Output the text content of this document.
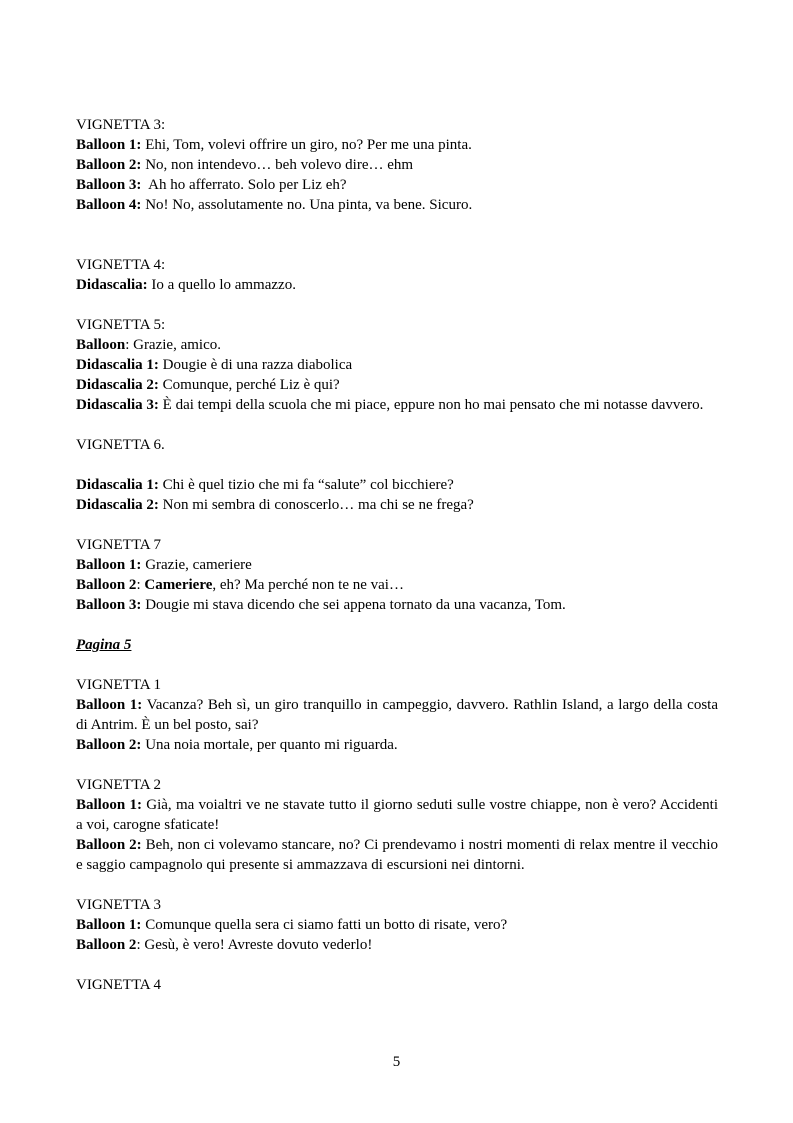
VIGNETTA 3:

Balloon 1: Ehi, Tom, volevi offrire un giro, no? Per me una pinta.

Balloon 2: No, non intendevo… beh volevo dire… ehm

Balloon 3:  Ah ho afferrato. Solo per Liz eh?

Balloon 4: No! No, assolutamente no. Una pinta, va bene. Sicuro.

VIGNETTA 4:

Didascalia: Io a quello lo ammazzo.

VIGNETTA 5:

Balloon: Grazie, amico.

Didascalia 1: Dougie è di una razza diabolica

Didascalia 2: Comunque, perché Liz è qui?

Didascalia 3: È dai tempi della scuola che mi piace, eppure non ho mai pensato che mi notasse davvero.

VIGNETTA 6.

Didascalia 1: Chi è quel tizio che mi fa “salute” col bicchiere?

Didascalia 2: Non mi sembra di conoscerlo… ma chi se ne frega?

VIGNETTA 7

Balloon 1: Grazie, cameriere

Balloon 2: Cameriere, eh? Ma perché non te ne vai…

Balloon 3: Dougie mi stava dicendo che sei appena tornato da una vacanza, Tom.

Pagina 5

VIGNETTA 1

Balloon 1: Vacanza? Beh sì, un giro tranquillo in campeggio, davvero. Rathlin Island, a largo della costa di Antrim. È un bel posto, sai?

Balloon 2: Una noia mortale, per quanto mi riguarda.

VIGNETTA 2

Balloon 1: Già, ma voialtri ve ne stavate tutto il giorno seduti sulle vostre chiappe, non è vero? Accidenti a voi, carogne sfaticate!

Balloon 2: Beh, non ci volevamo stancare, no? Ci prendevamo i nostri momenti di relax mentre il vecchio e saggio campagnolo qui presente si ammazzava di escursioni nei dintorni.

VIGNETTA 3

Balloon 1: Comunque quella sera ci siamo fatti un botto di risate, vero?

Balloon 2: Gesù, è vero! Avreste dovuto vederlo!

VIGNETTA 4

5
